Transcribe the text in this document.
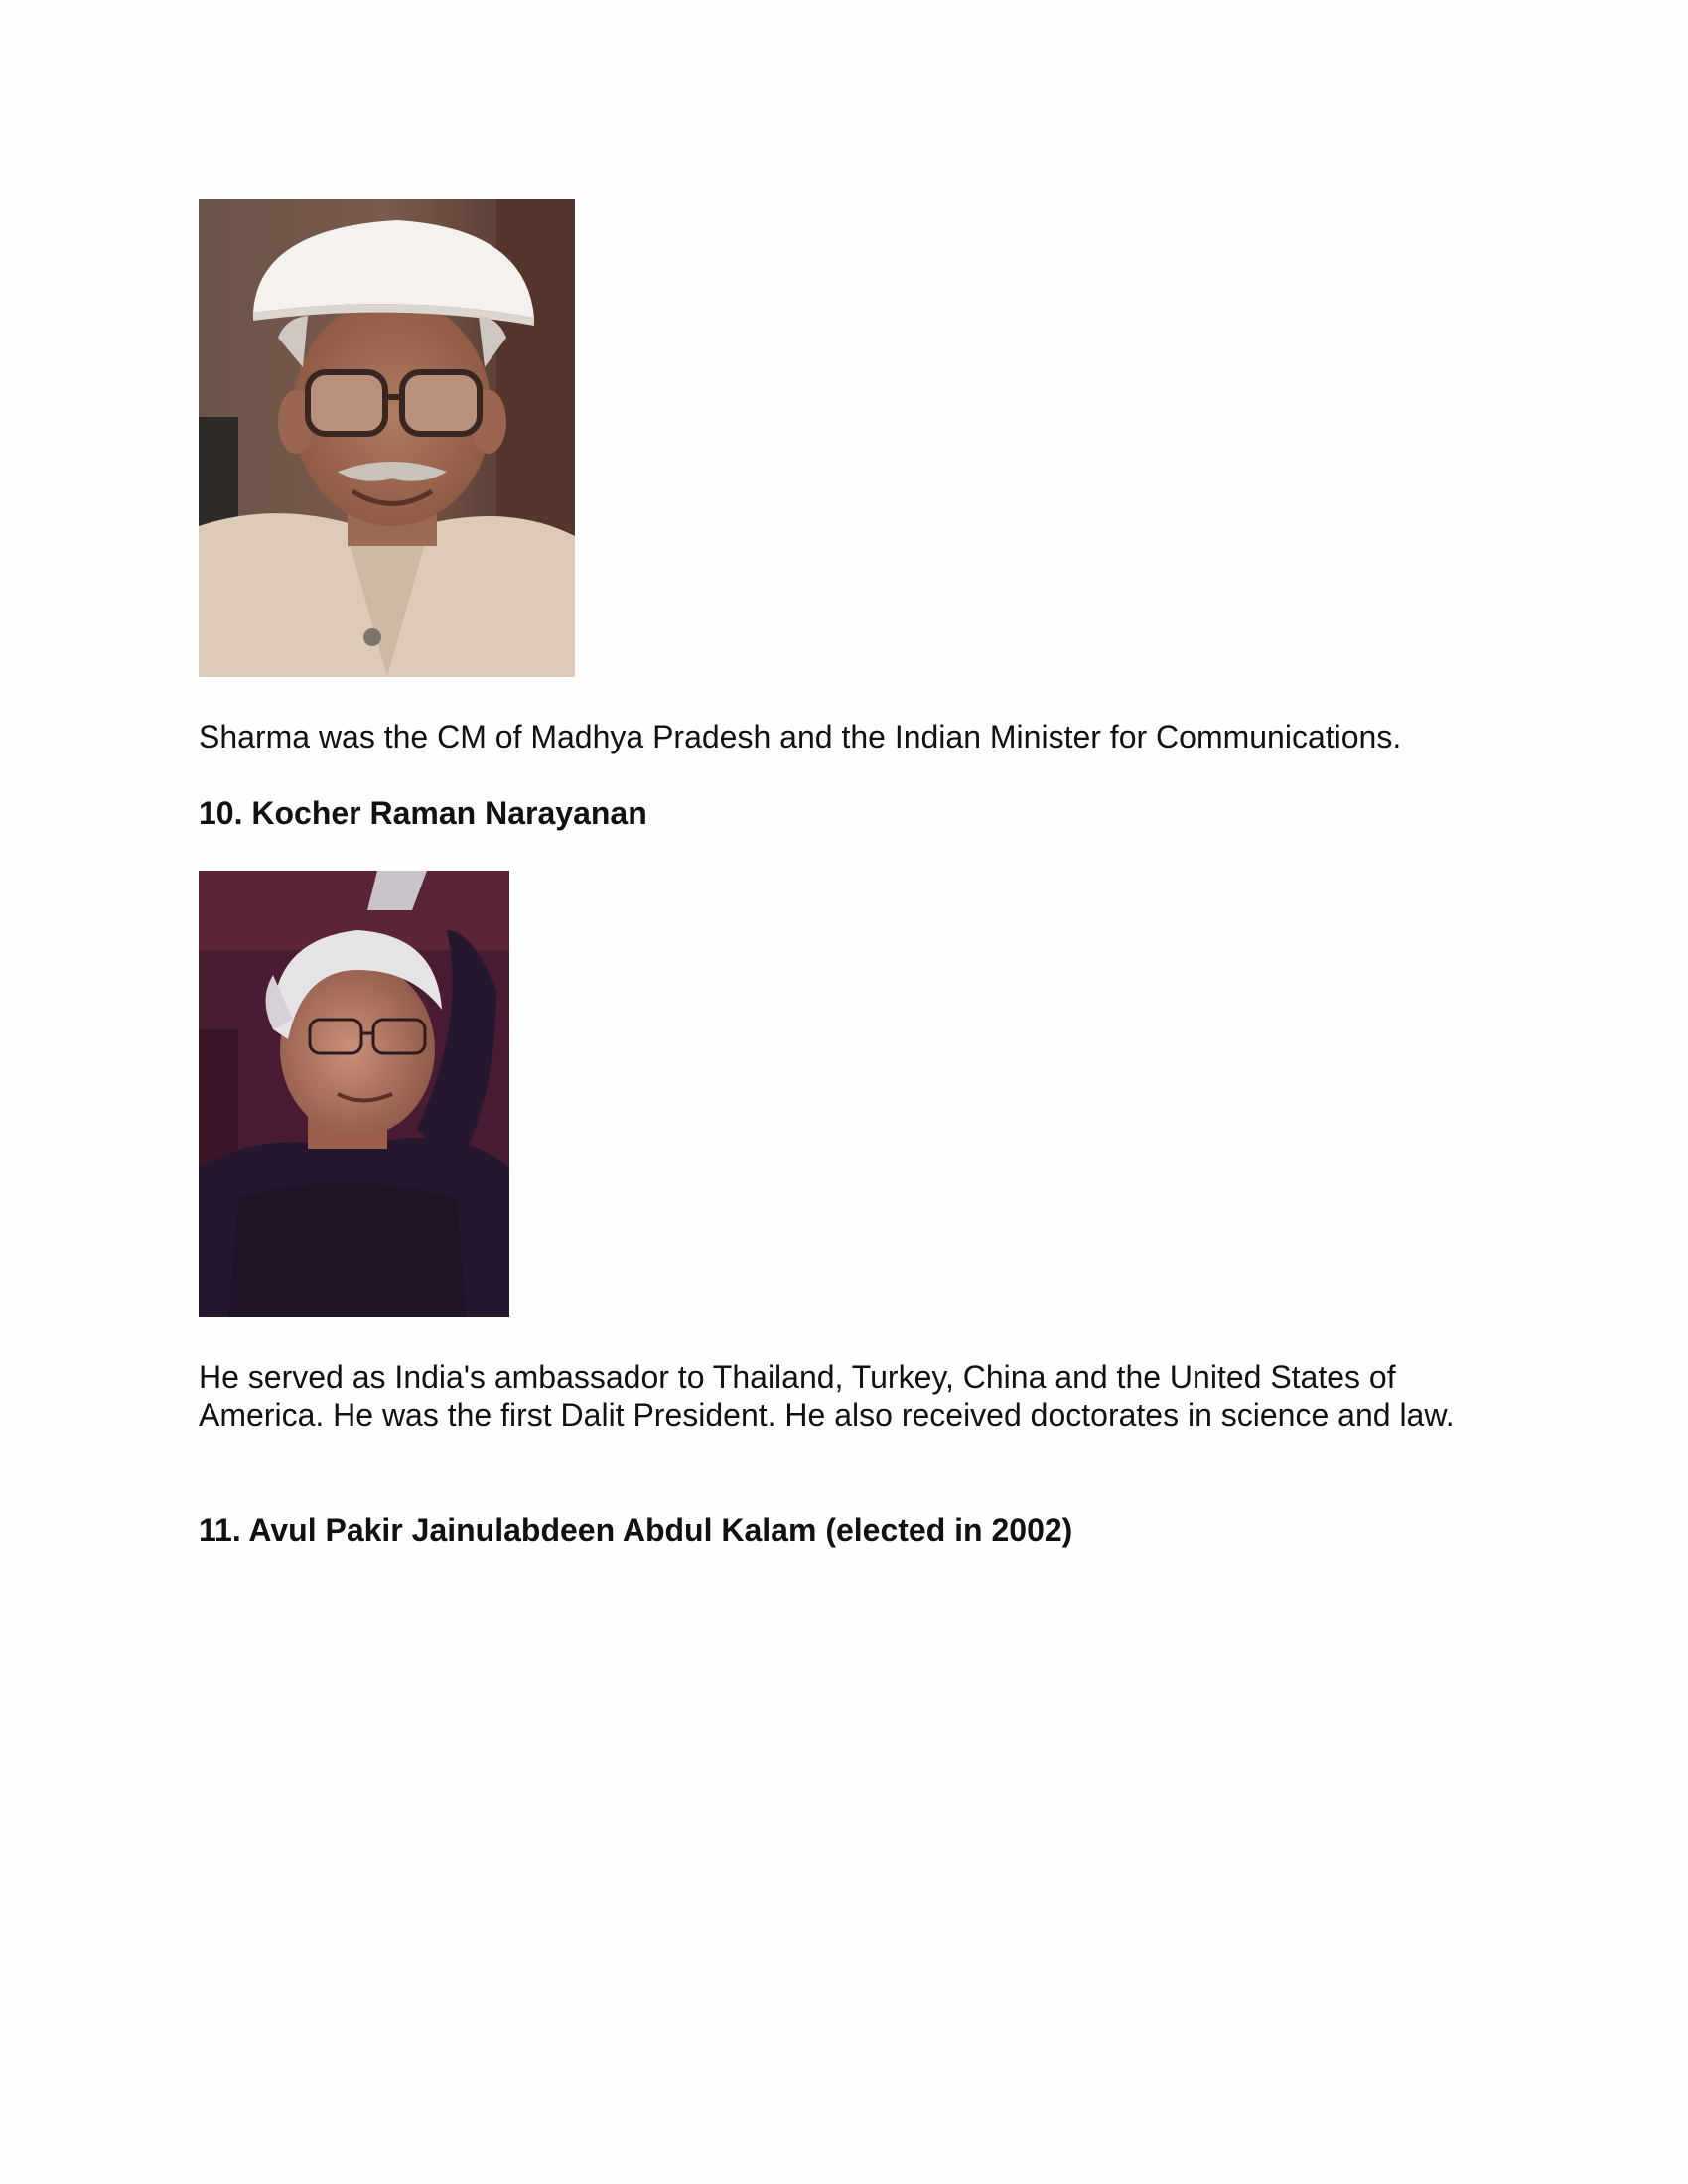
Sharma was the CM of Madhya Pradesh and the Indian Minister for Communications.

10. Kocher Raman Narayanan

He served as India's ambassador to Thailand, Turkey, China and the United States of America. He was the first Dalit President. He also received doctorates in science and law.

11. Avul Pakir Jainulabdeen Abdul Kalam (elected in 2002)
